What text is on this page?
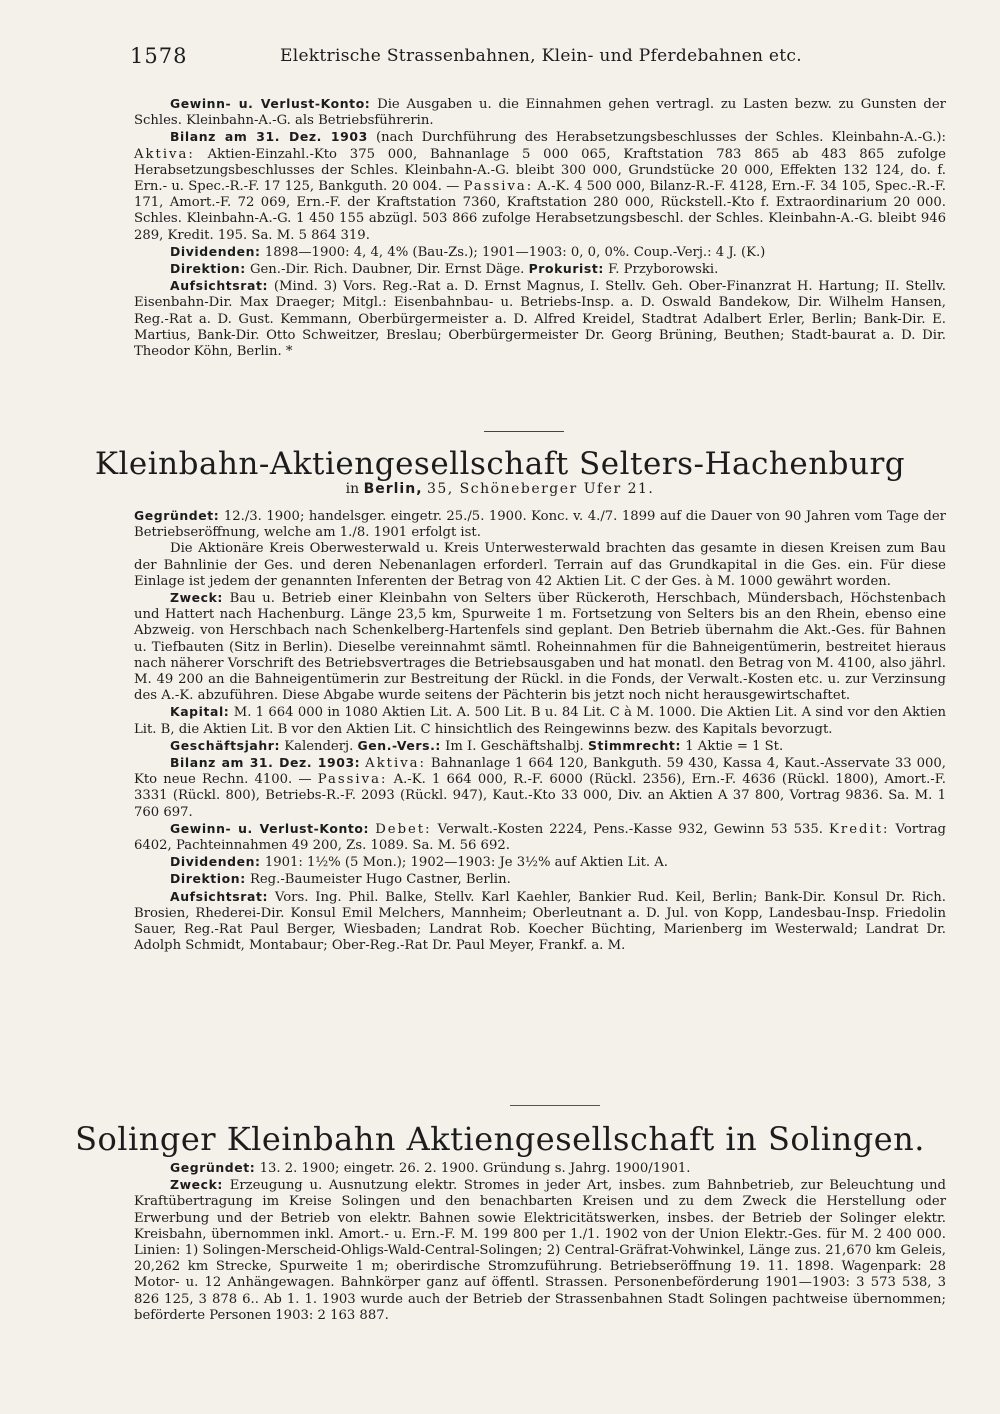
1578	Elektrische Strassenbahnen, Klein- und Pferdebahnen etc.

Gewinn- u. Verlust-Konto: Die Ausgaben u. die Einnahmen gehen vertragl. zu Lasten bezw. zu Gunsten der Schles. Kleinbahn-A.-G. als Betriebsführerin.

Bilanz am 31. Dez. 1903 (nach Durchführung des Herabsetzungsbeschlusses der Schles. Kleinbahn-A.-G.): Aktiva: Aktien-Einzahl.-Kto 375 000, Bahnanlage 5 000 065, Kraftstation 783 865 ab 483 865 zufolge Herabsetzungsbeschlusses der Schles. Kleinbahn-A.-G. bleibt 300 000, Grundstücke 20 000, Effekten 132 124, do. f. Ern.- u. Spec.-R.-F. 17 125, Bankguth. 20 004. — Passiva: A.-K. 4 500 000, Bilanz-R.-F. 4128, Ern.-F. 34 105, Spec.-R.-F. 171, Amort.-F. 72 069, Ern.-F. der Kraftstation 7360, Kraftstation 280 000, Rückstell.-Kto f. Extraordinarium 20 000. Schles. Kleinbahn-A.-G. 1 450 155 abzügl. 503 866 zufolge Herabsetzungsbeschl. der Schles. Kleinbahn-A.-G. bleibt 946 289, Kredit. 195. Sa. M. 5 864 319.

Dividenden: 1898—1900: 4, 4, 4% (Bau-Zs.); 1901—1903: 0, 0, 0%. Coup.-Verj.: 4 J. (K.)

Direktion: Gen.-Dir. Rich. Daubner, Dir. Ernst Däge. Prokurist: F. Przyborowski.

Aufsichtsrat: (Mind. 3) Vors. Reg.-Rat a. D. Ernst Magnus, I. Stellv. Geh. Ober-Finanzrat H. Hartung; II. Stellv. Eisenbahn-Dir. Max Draeger; Mitgl.: Eisenbahnbau- u. Betriebs-Insp. a. D. Oswald Bandekow, Dir. Wilhelm Hansen, Reg.-Rat a. D. Gust. Kemmann, Oberbürgermeister a. D. Alfred Kreidel, Stadtrat Adalbert Erler, Berlin; Bank-Dir. E. Martius, Bank-Dir. Otto Schweitzer, Breslau; Oberbürgermeister Dr. Georg Brüning, Beuthen; Stadt-baurat a. D. Dir. Theodor Köhn, Berlin. *

Kleinbahn-Aktiengesellschaft Selters-Hachenburg
in Berlin, 35, Schöneberger Ufer 21.

Gegründet: 12./3. 1900; handelsger. eingetr. 25./5. 1900. Konc. v. 4./7. 1899 auf die Dauer von 90 Jahren vom Tage der Betriebseröffnung, welche am 1./8. 1901 erfolgt ist.

Die Aktionäre Kreis Oberwesterwald u. Kreis Unterwesterwald brachten das gesamte in diesen Kreisen zum Bau der Bahnlinie der Ges. und deren Nebenanlagen erforderl. Terrain auf das Grundkapital in die Ges. ein. Für diese Einlage ist jedem der genannten Inferenten der Betrag von 42 Aktien Lit. C der Ges. à M. 1000 gewährt worden.

Zweck: Bau u. Betrieb einer Kleinbahn von Selters über Rückeroth, Herschbach, Mündersbach, Höchstenbach und Hattert nach Hachenburg. Länge 23,5 km, Spurweite 1 m. Fortsetzung von Selters bis an den Rhein, ebenso eine Abzweig. von Herschbach nach Schenkelberg-Hartenfels sind geplant. Den Betrieb übernahm die Akt.-Ges. für Bahnen u. Tiefbauten (Sitz in Berlin). Dieselbe vereinnahmt sämtl. Roheinnahmen für die Bahneigentümerin, bestreitet hieraus nach näherer Vorschrift des Betriebsvertrages die Betriebsausgaben und hat monatl. den Betrag von M. 4100, also jährl. M. 49 200 an die Bahneigentümerin zur Bestreitung der Rückl. in die Fonds, der Verwalt.-Kosten etc. u. zur Verzinsung des A.-K. abzuführen. Diese Abgabe wurde seitens der Pächterin bis jetzt noch nicht herausgewirtschaftet.

Kapital: M. 1 664 000 in 1080 Aktien Lit. A. 500 Lit. B u. 84 Lit. C à M. 1000. Die Aktien Lit. A sind vor den Aktien Lit. B, die Aktien Lit. B vor den Aktien Lit. C hinsichtlich des Reingewinns bezw. des Kapitals bevorzugt.

Geschäftsjahr: Kalenderj. Gen.-Vers.: Im I. Geschäftshalbj. Stimmrecht: 1 Aktie = 1 St.

Bilanz am 31. Dez. 1903: Aktiva: Bahnanlage 1 664 120, Bankguth. 59 430, Kassa 4, Kaut.-Asservate 33 000, Kto neue Rechn. 4100. — Passiva: A.-K. 1 664 000, R.-F. 6000 (Rückl. 2356), Ern.-F. 4636 (Rückl. 1800), Amort.-F. 3331 (Rückl. 800), Betriebs-R.-F. 2093 (Rückl. 947), Kaut.-Kto 33 000, Div. an Aktien A 37 800, Vortrag 9836. Sa. M. 1 760 697.

Gewinn- u. Verlust-Konto: Debet: Verwalt.-Kosten 2224, Pens.-Kasse 932, Gewinn 53 535. Kredit: Vortrag 6402, Pachteinnahmen 49 200, Zs. 1089. Sa. M. 56 692.

Dividenden: 1901: 1½% (5 Mon.); 1902—1903: Je 3½% auf Aktien Lit. A.

Direktion: Reg.-Baumeister Hugo Castner, Berlin.

Aufsichtsrat: Vors. Ing. Phil. Balke, Stellv. Karl Kaehler, Bankier Rud. Keil, Berlin; Bank-Dir. Konsul Dr. Rich. Brosien, Rhederei-Dir. Konsul Emil Melchers, Mannheim; Oberleutnant a. D. Jul. von Kopp, Landesbau-Insp. Friedolin Sauer, Reg.-Rat Paul Berger, Wiesbaden; Landrat Rob. Koecher Büchting, Marienberg im Westerwald; Landrat Dr. Adolph Schmidt, Montabaur; Ober-Reg.-Rat Dr. Paul Meyer, Frankf. a. M.

Solinger Kleinbahn Aktiengesellschaft in Solingen.

Gegründet: 13. 2. 1900; eingetr. 26. 2. 1900. Gründung s. Jahrg. 1900/1901.

Zweck: Erzeugung u. Ausnutzung elektr. Stromes in jeder Art, insbes. zum Bahnbetrieb, zur Beleuchtung und Kraftübertragung im Kreise Solingen und den benachbarten Kreisen und zu dem Zweck die Herstellung oder Erwerbung und der Betrieb von elektr. Bahnen sowie Elektricitätswerken, insbes. der Betrieb der Solinger elektr. Kreisbahn, übernommen inkl. Amort.- u. Ern.-F. M. 199 800 per 1./1. 1902 von der Union Elektr.-Ges. für M. 2 400 000. Linien: 1) Solingen-Merscheid-Ohligs-Wald-Central-Solingen; 2) Central-Gräfrat-Vohwinkel, Länge zus. 21,670 km Geleis, 20,262 km Strecke, Spurweite 1 m; oberirdische Stromzuführung. Betriebseröffnung 19. 11. 1898. Wagenpark: 28 Motor- u. 12 Anhängewagen. Bahnkörper ganz auf öffentl. Strassen. Personenbeförderung 1901—1903: 3 573 538, 3 826 125, 3 878 6.. Ab 1. 1. 1903 wurde auch der Betrieb der Strassenbahnen Stadt Solingen pachtweise übernommen; beförderte Personen 1903: 2 163 887.
